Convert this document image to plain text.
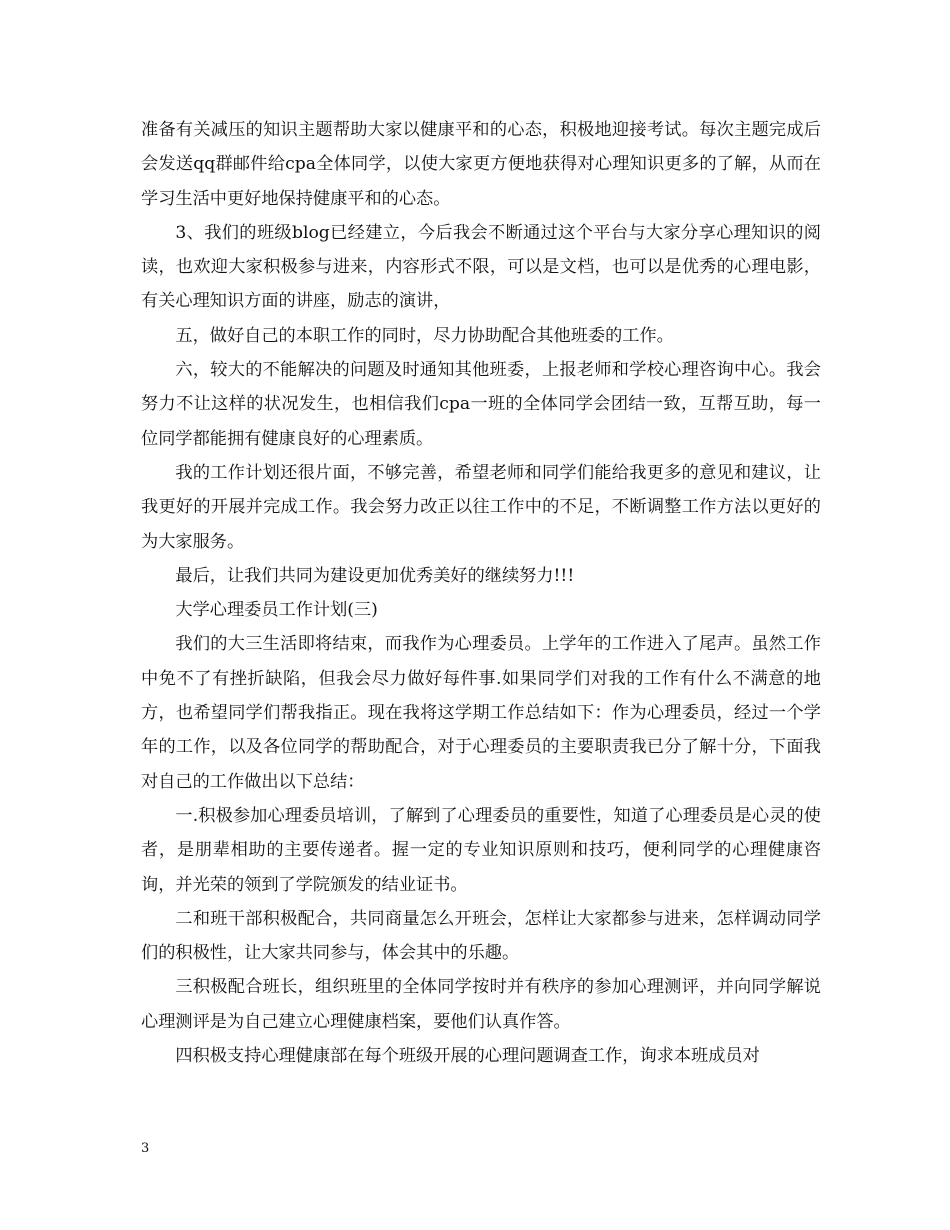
准备有关减压的知识主题帮助大家以健康平和的心态，积极地迎接考试。每次主题完成后会发送qq群邮件给cpa全体同学，以使大家更方便地获得对心理知识更多的了解，从而在学习生活中更好地保持健康平和的心态。

3、我们的班级blog已经建立，今后我会不断通过这个平台与大家分享心理知识的阅读，也欢迎大家积极参与进来，内容形式不限，可以是文档，也可以是优秀的心理电影，有关心理知识方面的讲座，励志的演讲，

五，做好自己的本职工作的同时，尽力协助配合其他班委的工作。

六，较大的不能解决的问题及时通知其他班委，上报老师和学校心理咨询中心。我会努力不让这样的状况发生，也相信我们cpa一班的全体同学会团结一致，互帮互助，每一位同学都能拥有健康良好的心理素质。

我的工作计划还很片面，不够完善，希望老师和同学们能给我更多的意见和建议，让我更好的开展并完成工作。我会努力改正以往工作中的不足，不断调整工作方法以更好的为大家服务。

最后，让我们共同为建设更加优秀美好的继续努力!!!

大学心理委员工作计划(三)

我们的大三生活即将结束，而我作为心理委员。上学年的工作进入了尾声。虽然工作中免不了有挫折缺陷，但我会尽力做好每件事.如果同学们对我的工作有什么不满意的地方，也希望同学们帮我指正。现在我将这学期工作总结如下：作为心理委员，经过一个学年的工作，以及各位同学的帮助配合，对于心理委员的主要职责我已分了解十分，下面我对自己的工作做出以下总结：

一.积极参加心理委员培训，了解到了心理委员的重要性，知道了心理委员是心灵的使者，是朋辈相助的主要传递者。握一定的专业知识原则和技巧，便利同学的心理健康咨询，并光荣的领到了学院颁发的结业证书。

二和班干部积极配合，共同商量怎么开班会，怎样让大家都参与进来，怎样调动同学们的积极性，让大家共同参与，体会其中的乐趣。

三积极配合班长，组织班里的全体同学按时并有秩序的参加心理测评，并向同学解说心理测评是为自己建立心理健康档案，要他们认真作答。

四积极支持心理健康部在每个班级开展的心理问题调查工作，询求本班成员对

3
